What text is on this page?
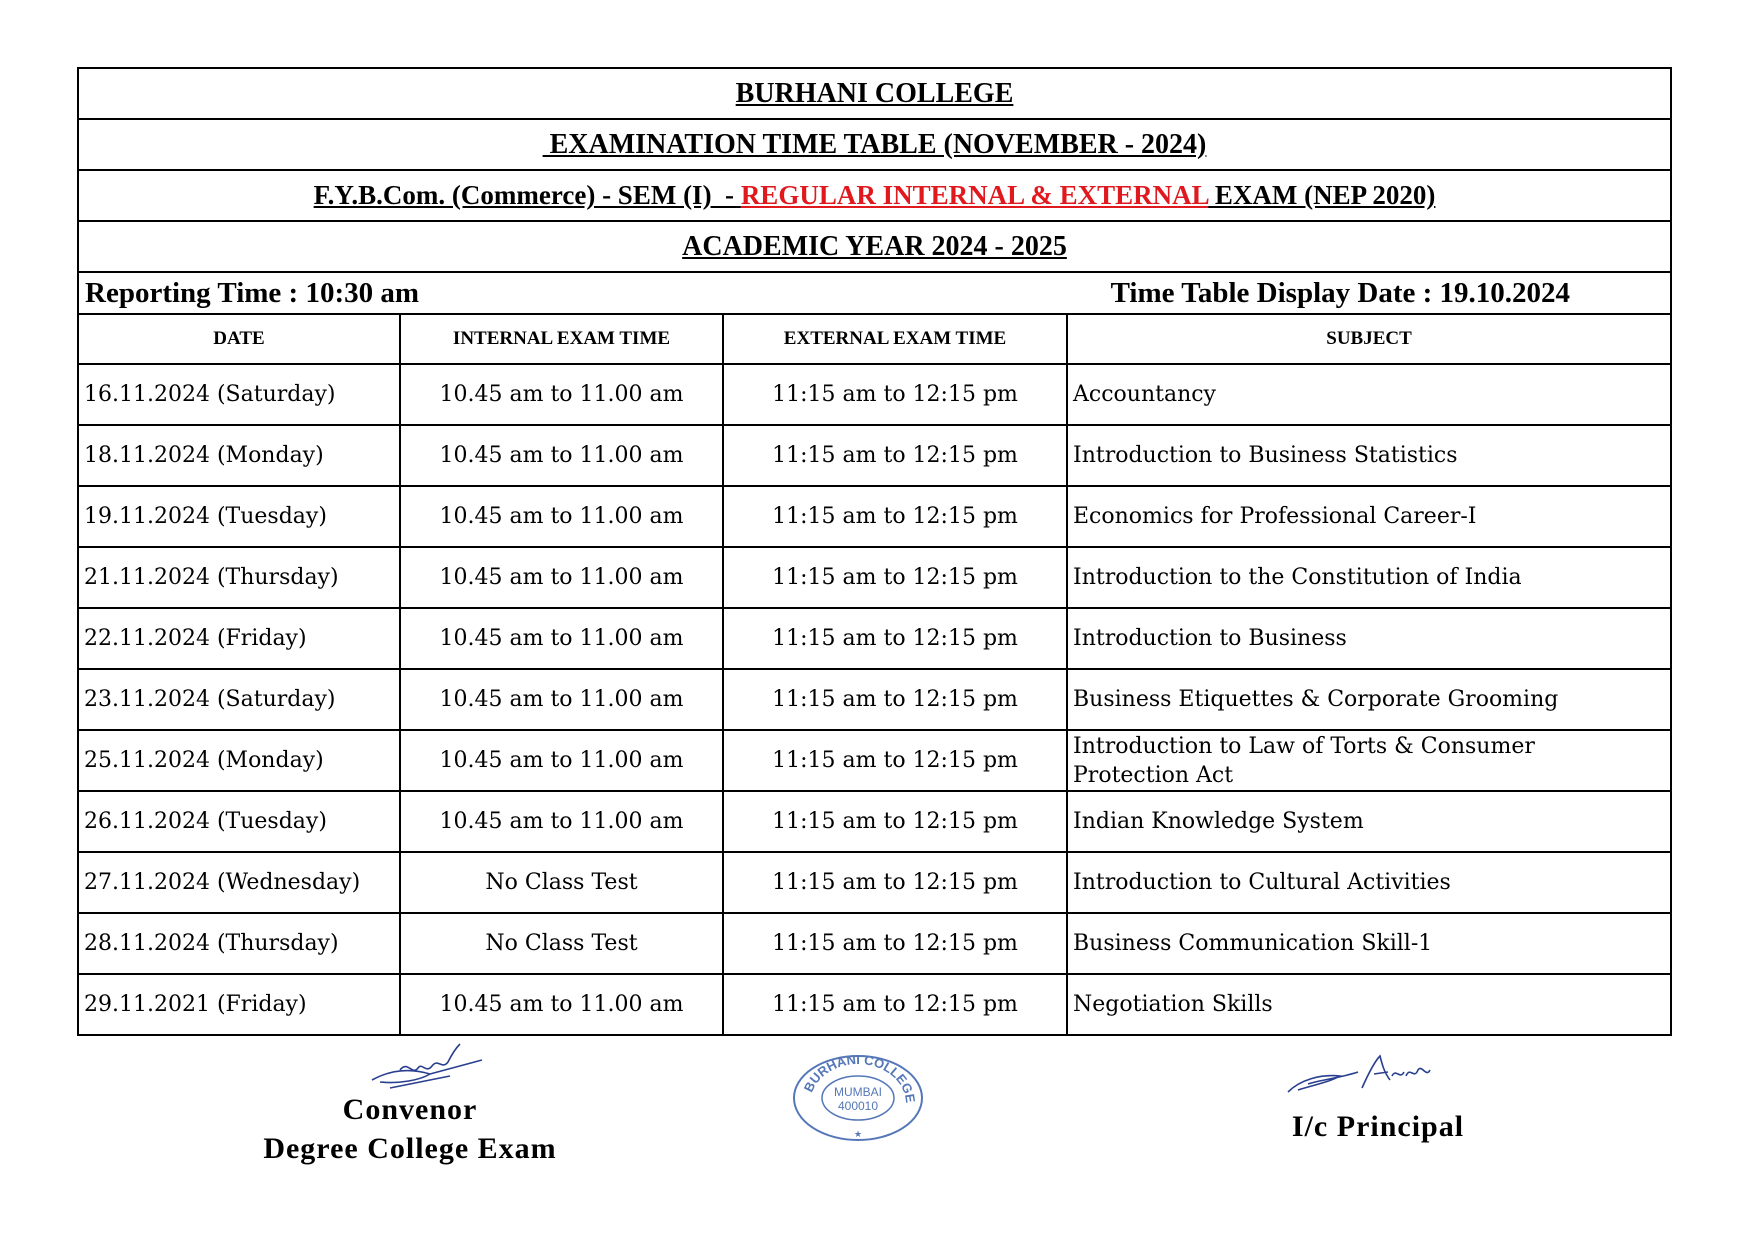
BURHANI COLLEGE			
EXAMINATION TIME TABLE (NOVEMBER - 2024)			
F.Y.B.Com. (Commerce) - SEM (I)  - REGULAR INTERNAL & EXTERNAL EXAM (NEP 2020)			
ACADEMIC YEAR 2024 - 2025			

Reporting Time : 10:30 am Time Table Display Date : 19.10.2024			

DATE	INTERNAL EXAM TIME	EXTERNAL EXAM TIME	SUBJECT
16.11.2024 (Saturday)	10.45 am to 11.00 am	11:15 am to 12:15 pm	Accountancy
18.11.2024 (Monday)	10.45 am to 11.00 am	11:15 am to 12:15 pm	Introduction to Business Statistics
19.11.2024 (Tuesday)	10.45 am to 11.00 am	11:15 am to 12:15 pm	Economics for Professional Career-I
21.11.2024 (Thursday)	10.45 am to 11.00 am	11:15 am to 12:15 pm	Introduction to the Constitution of India
22.11.2024 (Friday)	10.45 am to 11.00 am	11:15 am to 12:15 pm	Introduction to Business
23.11.2024 (Saturday)	10.45 am to 11.00 am	11:15 am to 12:15 pm	Business Etiquettes & Corporate Grooming
25.11.2024 (Monday)	10.45 am to 11.00 am	11:15 am to 12:15 pm	Introduction to Law of Torts & Consumer Protection Act
26.11.2024 (Tuesday)	10.45 am to 11.00 am	11:15 am to 12:15 pm	Indian Knowledge System
27.11.2024 (Wednesday)	No Class Test	11:15 am to 12:15 pm	Introduction to Cultural Activities
28.11.2024 (Thursday)	No Class Test	11:15 am to 12:15 pm	Business Communication Skill-1
29.11.2021 (Friday)	10.45 am to 11.00 am	11:15 am to 12:15 pm	Negotiation Skills
Convenor
Degree College Exam
BURHANI COLLEGE
MUMBAI
400010
★	I/c Principal
